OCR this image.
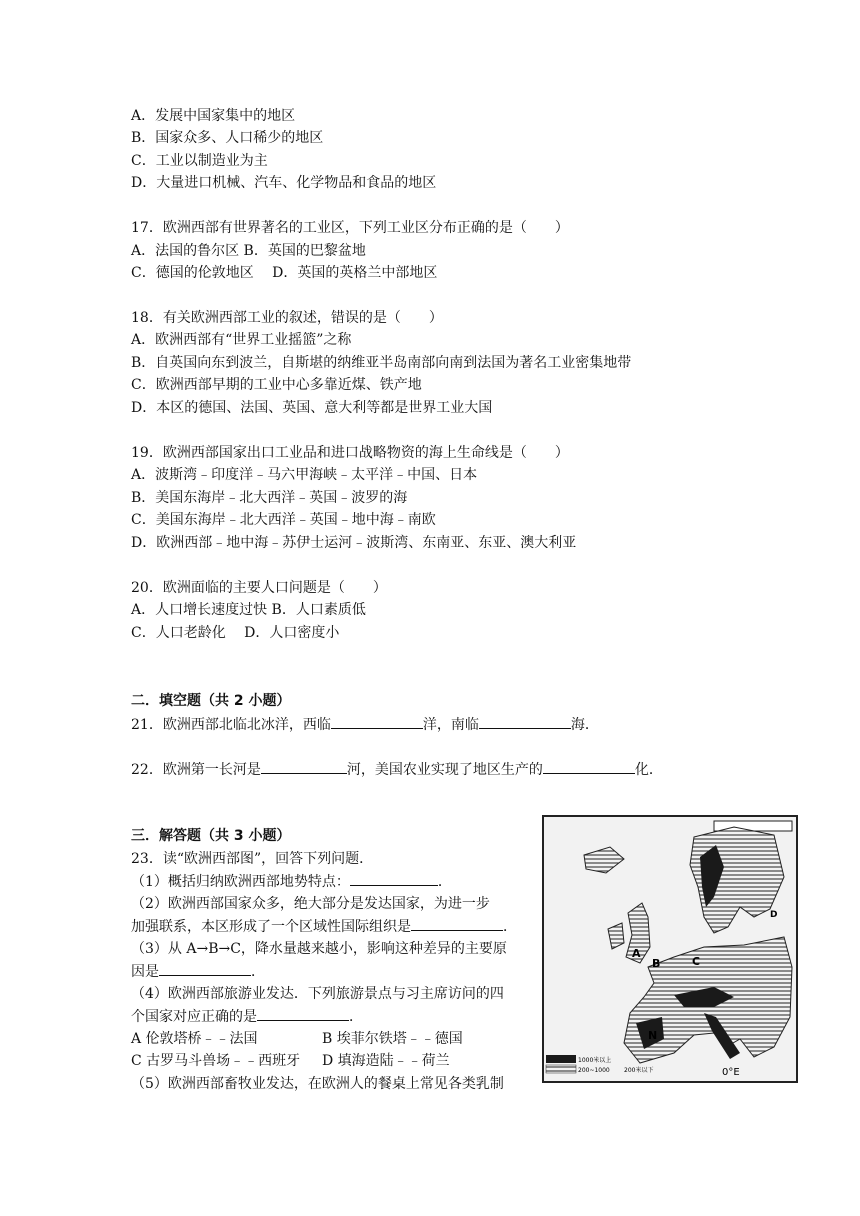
A．发展中国家集中的地区
B．国家众多、人口稀少的地区
C．工业以制造业为主
D．大量进口机械、汽车、化学物品和食品的地区
17．欧洲西部有世界著名的工业区，下列工业区分布正确的是（　　）
A．法国的鲁尔区 B．英国的巴黎盆地
C．德国的伦敦地区　 D．英国的英格兰中部地区
18．有关欧洲西部工业的叙述，错误的是（　　）
A．欧洲西部有“世界工业摇篮”之称
B．自英国向东到波兰，自斯堪的纳维亚半岛南部向南到法国为著名工业密集地带
C．欧洲西部早期的工业中心多靠近煤、铁产地
D．本区的德国、法国、英国、意大利等都是世界工业大国
19．欧洲西部国家出口工业品和进口战略物资的海上生命线是（　　）
A．波斯湾﹣印度洋﹣马六甲海峡﹣太平洋﹣中国、日本
B．美国东海岸﹣北大西洋﹣英国﹣波罗的海
C．美国东海岸﹣北大西洋﹣英国﹣地中海﹣南欧
D．欧洲西部﹣地中海﹣苏伊士运河﹣波斯湾、东南亚、东亚、澳大利亚
20．欧洲面临的主要人口问题是（　　）
A．人口增长速度过快 B．人口素质低
C．人口老龄化　 D．人口密度小
二．填空题（共 2 小题）
21．欧洲西部北临北冰洋，西临	洋，南临	海．
22．欧洲第一长河是	河，美国农业实现了地区生产的	化．
三．解答题（共 3 小题）
23．读“欧洲西部图”，回答下列问题．
（1）概括归纳欧洲西部地势特点：	．
（2）欧洲西部国家众多，绝大部分是发达国家，为进一步
加强联系，本区形成了一个区域性国际组织是	．
（3）从 A→B→C，降水量越来越小，影响这种差异的主要原
因是	．
（4）欧洲西部旅游业发达．下列旅游景点与习主席访问的四
个国家对应正确的是	．
A 伦敦塔桥﹣﹣法国	B 埃菲尔铁塔﹣﹣德国
C 古罗马斗兽场﹣﹣西班牙 D 填海造陆﹣﹣荷兰
（5）欧洲西部畜牧业发达，在欧洲人的餐桌上常见各类乳制
A
B	C
D
N
1000米以上
200~1000 200米以下	0°E
